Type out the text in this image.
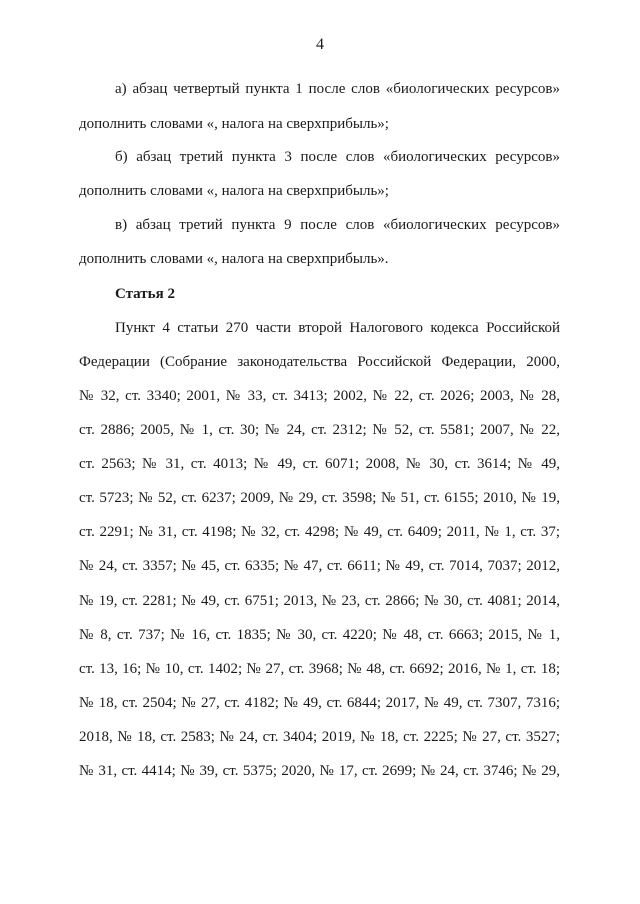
4
а) абзац четвертый пункта 1 после слов «биологических ресурсов»
дополнить словами «, налога на сверхприбыль»;
б) абзац третий пункта 3 после слов «биологических ресурсов»
дополнить словами «, налога на сверхприбыль»;
в) абзац третий пункта 9 после слов «биологических ресурсов»
дополнить словами «, налога на сверхприбыль».
Статья 2
Пункт 4 статьи 270 части второй Налогового кодекса Российской
Федерации (Собрание законодательства Российской Федерации, 2000,
№ 32, ст. 3340; 2001, № 33, ст. 3413; 2002, № 22, ст. 2026; 2003, № 28,
ст. 2886; 2005, № 1, ст. 30; № 24, ст. 2312; № 52, ст. 5581; 2007, № 22,
ст. 2563; № 31, ст. 4013; № 49, ст. 6071; 2008, № 30, ст. 3614; № 49,
ст. 5723; № 52, ст. 6237; 2009, № 29, ст. 3598; № 51, ст. 6155; 2010, № 19,
ст. 2291; № 31, ст. 4198; № 32, ст. 4298; № 49, ст. 6409; 2011, № 1, ст. 37;
№ 24, ст. 3357; № 45, ст. 6335; № 47, ст. 6611; № 49, ст. 7014, 7037; 2012,
№ 19, ст. 2281; № 49, ст. 6751; 2013, № 23, ст. 2866; № 30, ст. 4081; 2014,
№ 8, ст. 737; № 16, ст. 1835; № 30, ст. 4220; № 48, ст. 6663; 2015, № 1,
ст. 13, 16; № 10, ст. 1402; № 27, ст. 3968; № 48, ст. 6692; 2016, № 1, ст. 18;
№ 18, ст. 2504; № 27, ст. 4182; № 49, ст. 6844; 2017, № 49, ст. 7307, 7316;
2018, № 18, ст. 2583; № 24, ст. 3404; 2019, № 18, ст. 2225; № 27, ст. 3527;
№ 31, ст. 4414; № 39, ст. 5375; 2020, № 17, ст. 2699; № 24, ст. 3746; № 29,
